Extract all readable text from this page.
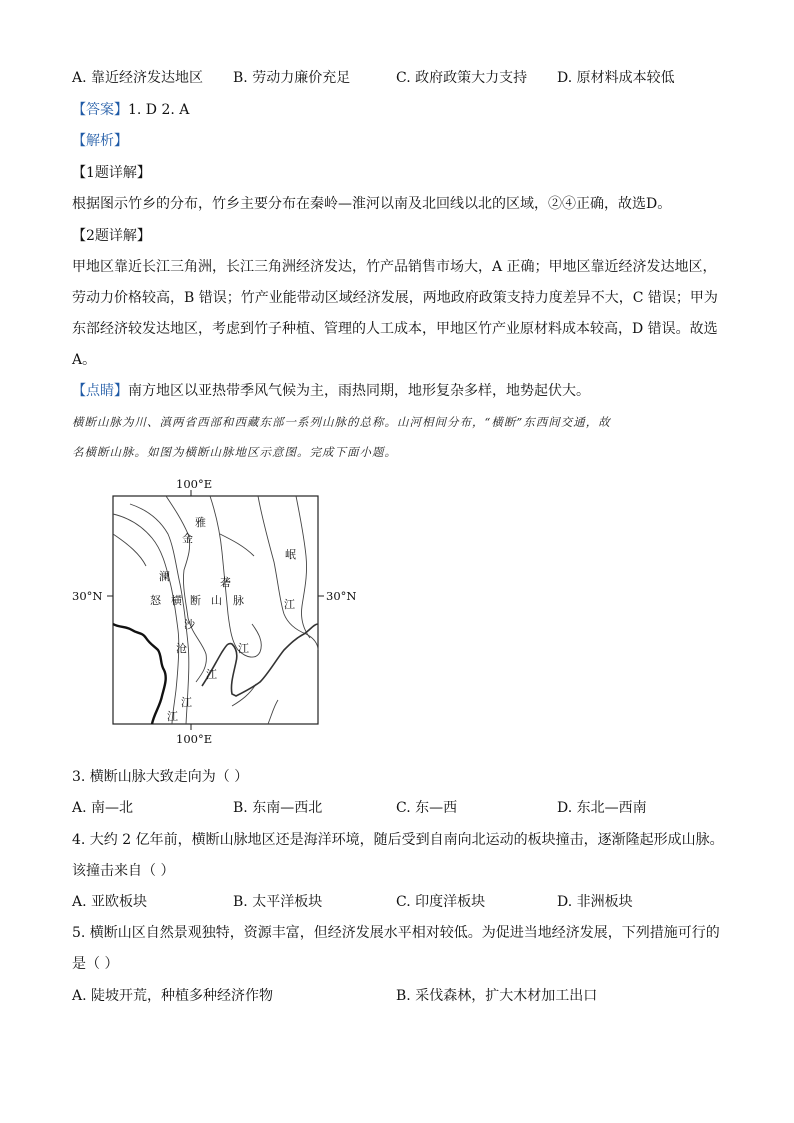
A. 靠近经济发达地区 B. 劳动力廉价充足	C. 政府政策大力支持 D. 原材料成本较低
【答案】1. D 2. A
【解析】
【1题详解】
根据图示竹乡的分布，竹乡主要分布在秦岭—淮河以南及北回线以北的区域，②④正确，故选D。
【2题详解】
甲地区靠近长江三角洲，长江三角洲经济发达，竹产品销售市场大，A 正确；甲地区靠近经济发达地区，
劳动力价格较高，B 错误；竹产业能带动区域经济发展，两地政府政策支持力度差异不大，C 错误；甲为
东部经济较发达地区，考虑到竹子种植、管理的人工成本，甲地区竹产业原材料成本较高，D 错误。故选
A。
【点睛】南方地区以亚热带季风气候为主，雨热同期，地形复杂多样，地势起伏大。
横断山脉为川、滇两省西部和西藏东部一系列山脉的总称。山河相间分布，“横断”东西间交通，故
名横断山脉。如图为横断山脉地区示意图。完成下面小题。
100°E
100°E
30°N	30°N
雅
金
岷
澜	砻
怒 横 断 山 脉	江
沙
沧	江
江
江
江
3. 横断山脉大致走向为（ ）
A. 南—北	B. 东南—西北	C. 东—西	D. 东北—西南
4. 大约 2 亿年前，横断山脉地区还是海洋环境，随后受到自南向北运动的板块撞击，逐渐隆起形成山脉。
该撞击来自（ ）
A. 亚欧板块	B. 太平洋板块	C. 印度洋板块	D. 非洲板块
5. 横断山区自然景观独特，资源丰富，但经济发展水平相对较低。为促进当地经济发展，下列措施可行的
是（ ）
A. 陡坡开荒，种植多种经济作物	B. 采伐森林，扩大木材加工出口
